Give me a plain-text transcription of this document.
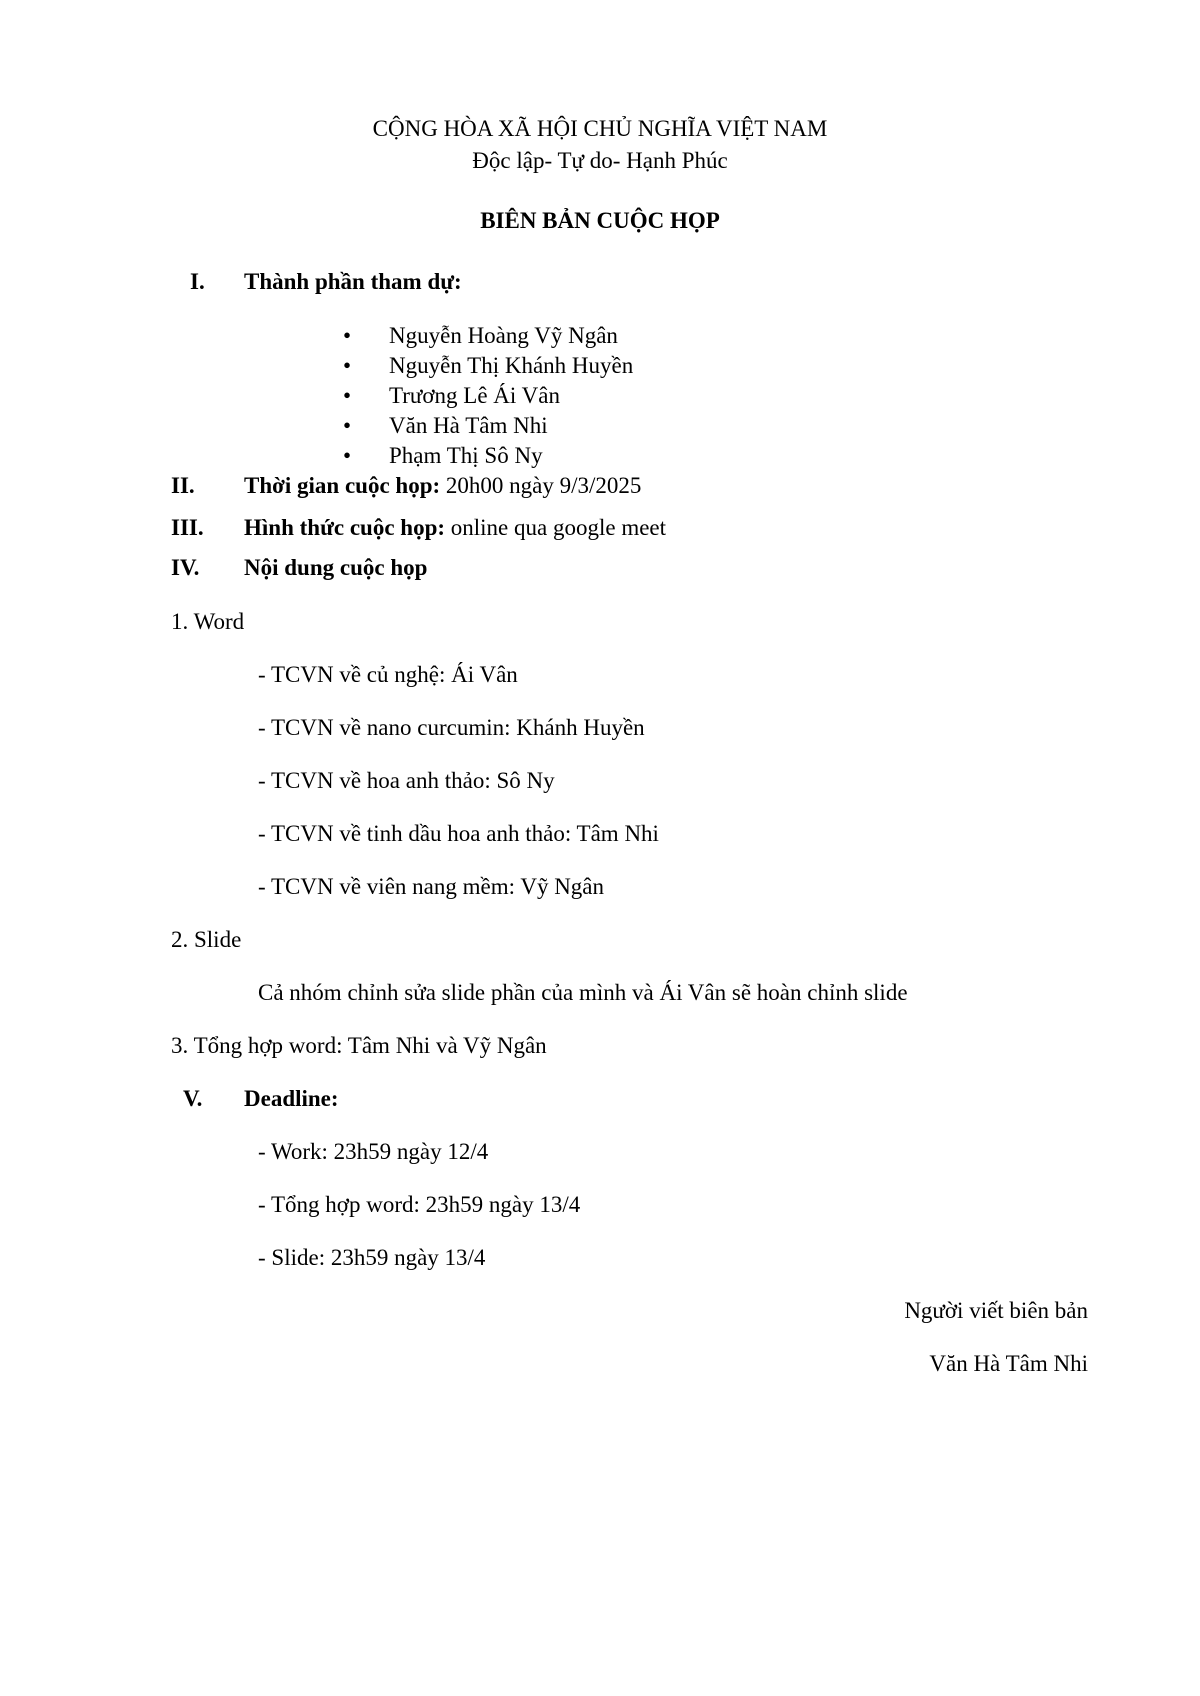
CỘNG HÒA XÃ HỘI CHỦ NGHĨA VIỆT NAM
Độc lập- Tự do- Hạnh Phúc
BIÊN BẢN CUỘC HỌP
I.	Thành phần tham dự:
• Nguyễn Hoàng Vỹ Ngân
• Nguyễn Thị Khánh Huyền
• Trương Lê Ái Vân
• Văn Hà Tâm Nhi
• Phạm Thị Sô Ny
II.	Thời gian cuộc họp: 20h00 ngày 9/3/2025
III.	Hình thức cuộc họp: online qua google meet
IV.	Nội dung cuộc họp
1. Word
- TCVN về củ nghệ: Ái Vân
- TCVN về nano curcumin: Khánh Huyền
- TCVN về hoa anh thảo: Sô Ny
- TCVN về tinh dầu hoa anh thảo: Tâm Nhi
- TCVN về viên nang mềm: Vỹ Ngân
2. Slide
Cả nhóm chỉnh sửa slide phần của mình và Ái Vân sẽ hoàn chỉnh slide
3. Tổng hợp word: Tâm Nhi và Vỹ Ngân
V.	Deadline:
- Work: 23h59 ngày 12/4
- Tổng hợp word: 23h59 ngày 13/4
- Slide: 23h59 ngày 13/4
Người viết biên bản
Văn Hà Tâm Nhi
